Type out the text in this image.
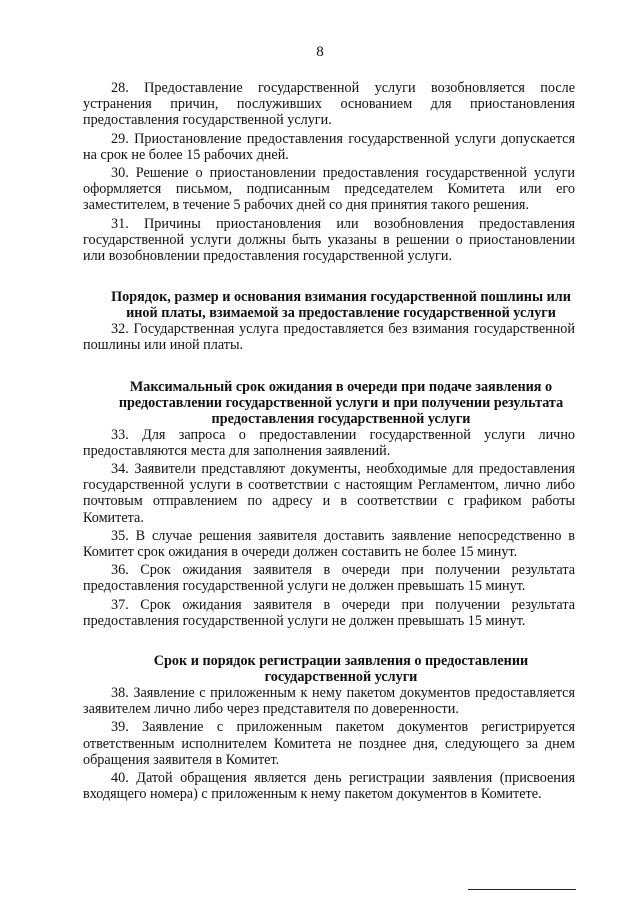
8

28. Предоставление государственной услуги возобновляется после устранения причин, послуживших основанием для приостановления предоставления государственной услуги.

29. Приостановление предоставления государственной услуги допускается на срок не более 15 рабочих дней.

30. Решение о приостановлении предоставления государственной услуги оформляется письмом, подписанным председателем Комитета или его заместителем, в течение 5 рабочих дней со дня принятия такого решения.

31. Причины приостановления или возобновления предоставления государственной услуги должны быть указаны в решении о приостановлении или возобновлении предоставления государственной услуги.

Порядок, размер и основания взимания государственной пошлины или иной платы, взимаемой за предоставление государственной услуги

32. Государственная услуга предоставляется без взимания государственной пошлины или иной платы.

Максимальный срок ожидания в очереди при подаче заявления о предоставлении государственной услуги и при получении результата предоставления государственной услуги

33. Для запроса о предоставлении государственной услуги лично предоставляются места для заполнения заявлений.

34. Заявители представляют документы, необходимые для предоставления государственной услуги в соответствии с настоящим Регламентом, лично либо почтовым отправлением по адресу и в соответствии с графиком работы Комитета.

35. В случае решения заявителя доставить заявление непосредственно в Комитет срок ожидания в очереди должен составить не более 15 минут.

36. Срок ожидания заявителя в очереди при получении результата предоставления государственной услуги не должен превышать 15 минут.

37. Срок ожидания заявителя в очереди при получении результата предоставления государственной услуги не должен превышать 15 минут.

Срок и порядок регистрации заявления о предоставлении государственной услуги

38. Заявление с приложенным к нему пакетом документов предоставляется заявителем лично либо через представителя по доверенности.

39. Заявление с приложенным пакетом документов регистрируется ответственным исполнителем Комитета не позднее дня, следующего за днем обращения заявителя в Комитет.

40. Датой обращения является день регистрации заявления (присвоения входящего номера) с приложенным к нему пакетом документов в Комитете.
